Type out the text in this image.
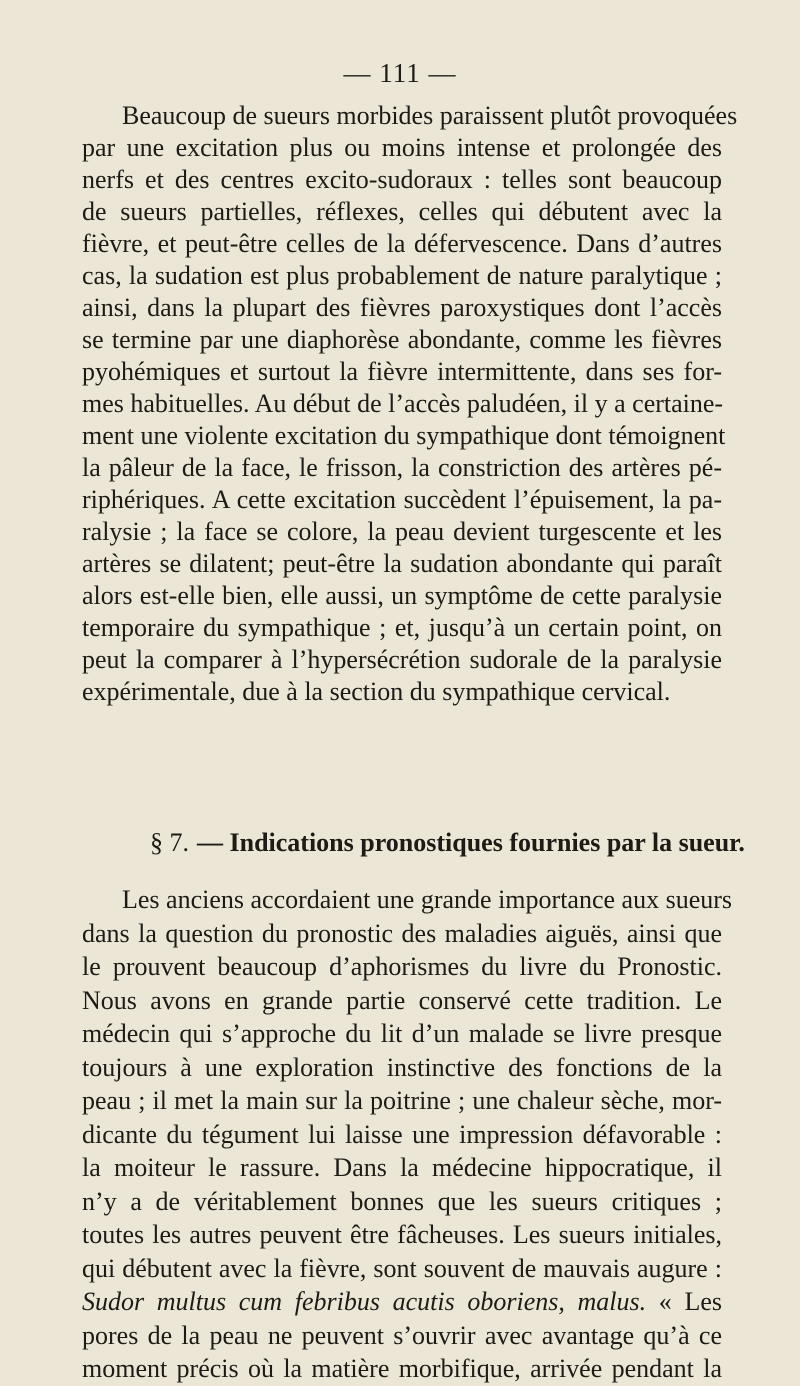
— 111 —
Beaucoup de sueurs morbides paraissent plutôt provoquées
par une excitation plus ou moins intense et prolongée des
nerfs et des centres excito-sudoraux : telles sont beaucoup
de sueurs partielles, réflexes, celles qui débutent avec la
fièvre, et peut-être celles de la défervescence. Dans d’autres
cas, la sudation est plus probablement de nature paralytique ;
ainsi, dans la plupart des fièvres paroxystiques dont l’accès
se termine par une diaphorèse abondante, comme les fièvres
pyohémiques et surtout la fièvre intermittente, dans ses for-
mes habituelles. Au début de l’accès paludéen, il y a certaine-
ment une violente excitation du sympathique dont témoignent
la pâleur de la face, le frisson, la constriction des artères pé-
riphériques. A cette excitation succèdent l’épuisement, la pa-
ralysie ; la face se colore, la peau devient turgescente et les
artères se dilatent; peut-être la sudation abondante qui paraît
alors est-elle bien, elle aussi, un symptôme de cette paralysie
temporaire du sympathique ; et, jusqu’à un certain point, on
peut la comparer à l’hypersécrétion sudorale de la paralysie
expérimentale, due à la section du sympathique cervical.
§ 7. — Indications pronostiques fournies par la sueur.
Les anciens accordaient une grande importance aux sueurs
dans la question du pronostic des maladies aiguës, ainsi que
le prouvent beaucoup d’aphorismes du livre du Pronostic.
Nous avons en grande partie conservé cette tradition. Le
médecin qui s’approche du lit d’un malade se livre presque
toujours à une exploration instinctive des fonctions de la
peau ; il met la main sur la poitrine ; une chaleur sèche, mor-
dicante du tégument lui laisse une impression défavorable :
la moiteur le rassure. Dans la médecine hippocratique, il
n’y a de véritablement bonnes que les sueurs critiques ;
toutes les autres peuvent être fâcheuses. Les sueurs initiales,
qui débutent avec la fièvre, sont souvent de mauvais augure :
Sudor multus cum febribus acutis oboriens, malus. « Les
pores de la peau ne peuvent s’ouvrir avec avantage qu’à ce
moment précis où la matière morbifique, arrivée pendant la
